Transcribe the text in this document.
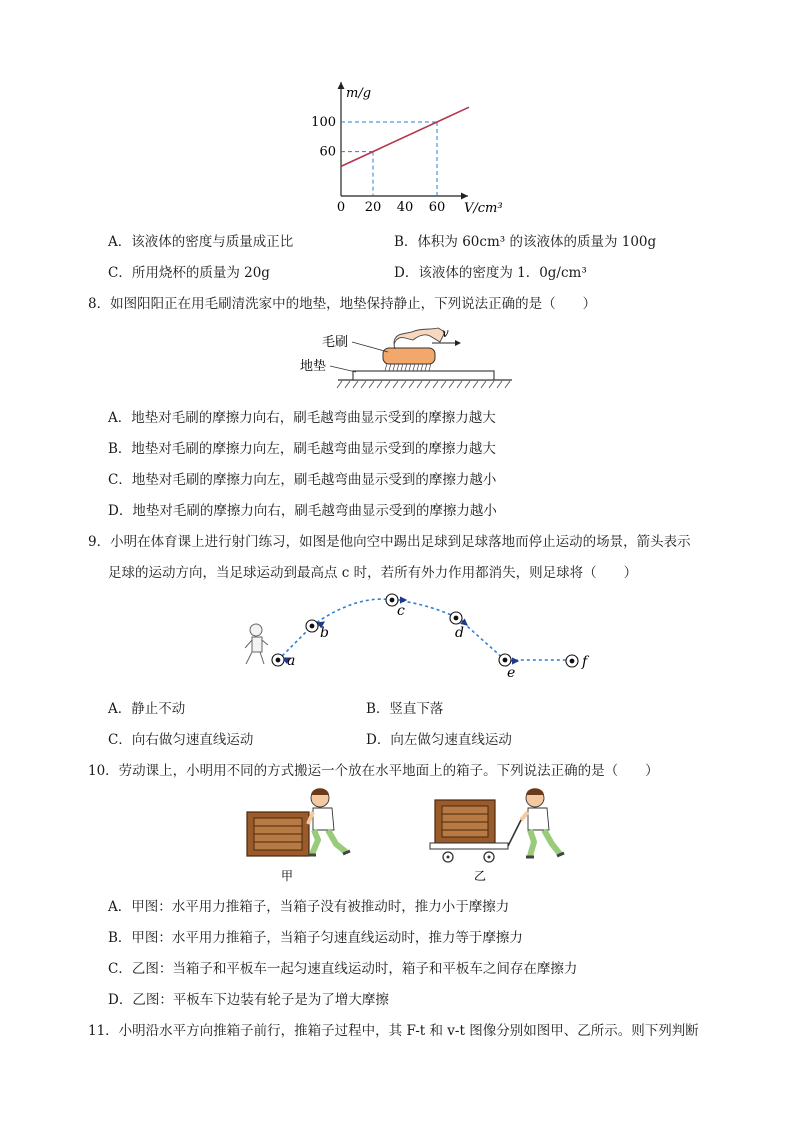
0 20 40 60
60
100
m/g
V/cm³
A．该液体的密度与质量成正比	B．体积为 60cm³ 的该液体的质量为 100g
C．所用烧杯的质量为 20g	D．该液体的密度为 1．0g/cm³
8．如图阳阳正在用毛刷清洗家中的地垫，地垫保持静止，下列说法正确的是（　　）
v
毛刷
地垫
A．地垫对毛刷的摩擦力向右，刷毛越弯曲显示受到的摩擦力越大
B．地垫对毛刷的摩擦力向左，刷毛越弯曲显示受到的摩擦力越大
C．地垫对毛刷的摩擦力向左，刷毛越弯曲显示受到的摩擦力越小
D．地垫对毛刷的摩擦力向右，刷毛越弯曲显示受到的摩擦力越小
9．小明在体育课上进行射门练习，如图是他向空中踢出足球到足球落地而停止运动的场景，箭头表示
足球的运动方向，当足球运动到最高点 c 时，若所有外力作用都消失，则足球将（　　）
a
b
c
d
e
f
A．静止不动	B．竖直下落
C．向右做匀速直线运动	D．向左做匀速直线运动
10．劳动课上，小明用不同的方式搬运一个放在水平地面上的箱子。下列说法正确的是（　　）
甲	乙
A．甲图：水平用力推箱子，当箱子没有被推动时，推力小于摩擦力
B．甲图：水平用力推箱子，当箱子匀速直线运动时，推力等于摩擦力
C．乙图：当箱子和平板车一起匀速直线运动时，箱子和平板车之间存在摩擦力
D．乙图：平板车下边装有轮子是为了增大摩擦
11．小明沿水平方向推箱子前行，推箱子过程中，其 F-t 和 v-t 图像分别如图甲、乙所示。则下列判断
